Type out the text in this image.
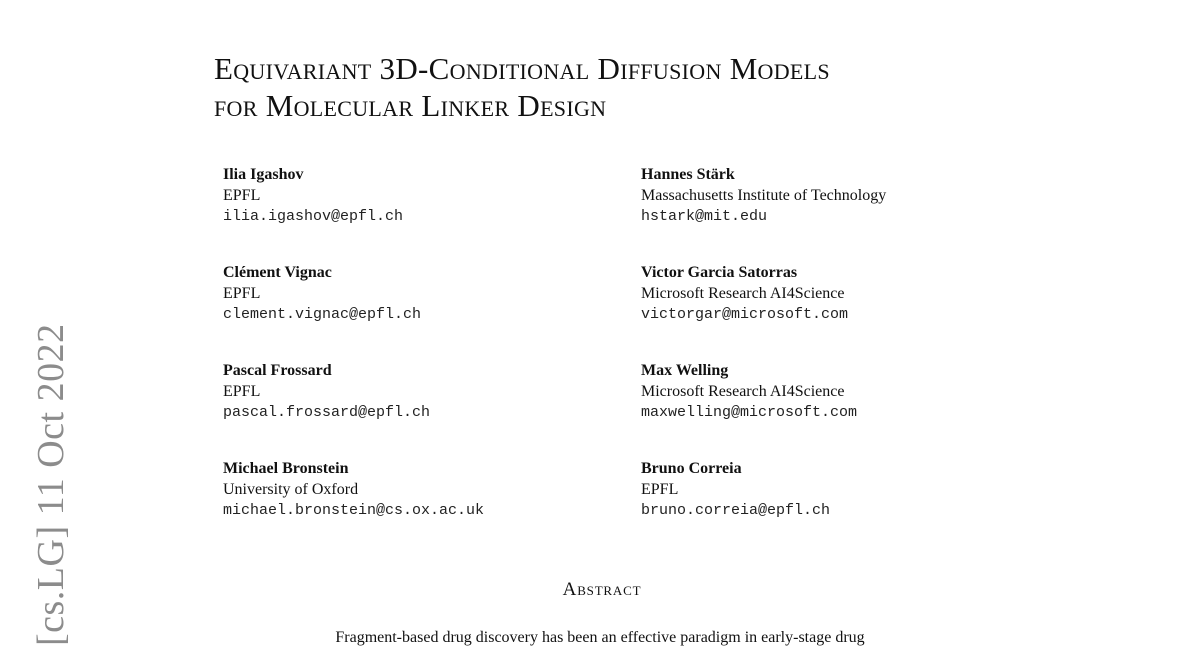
[cs.LG] 11 Oct 2022
Equivariant 3D-Conditional Diffusion Models
for Molecular Linker Design
Ilia Igashov
EPFL
ilia.igashov@epfl.ch
Hannes Stärk
Massachusetts Institute of Technology
hstark@mit.edu
Clément Vignac
EPFL
clement.vignac@epfl.ch
Victor Garcia Satorras
Microsoft Research AI4Science
victorgar@microsoft.com
Pascal Frossard
EPFL
pascal.frossard@epfl.ch
Max Welling
Microsoft Research AI4Science
maxwelling@microsoft.com
Michael Bronstein
University of Oxford
michael.bronstein@cs.ox.ac.uk
Bruno Correia
EPFL
bruno.correia@epfl.ch
Abstract
Fragment-based drug discovery has been an effective paradigm in early-stage drug
